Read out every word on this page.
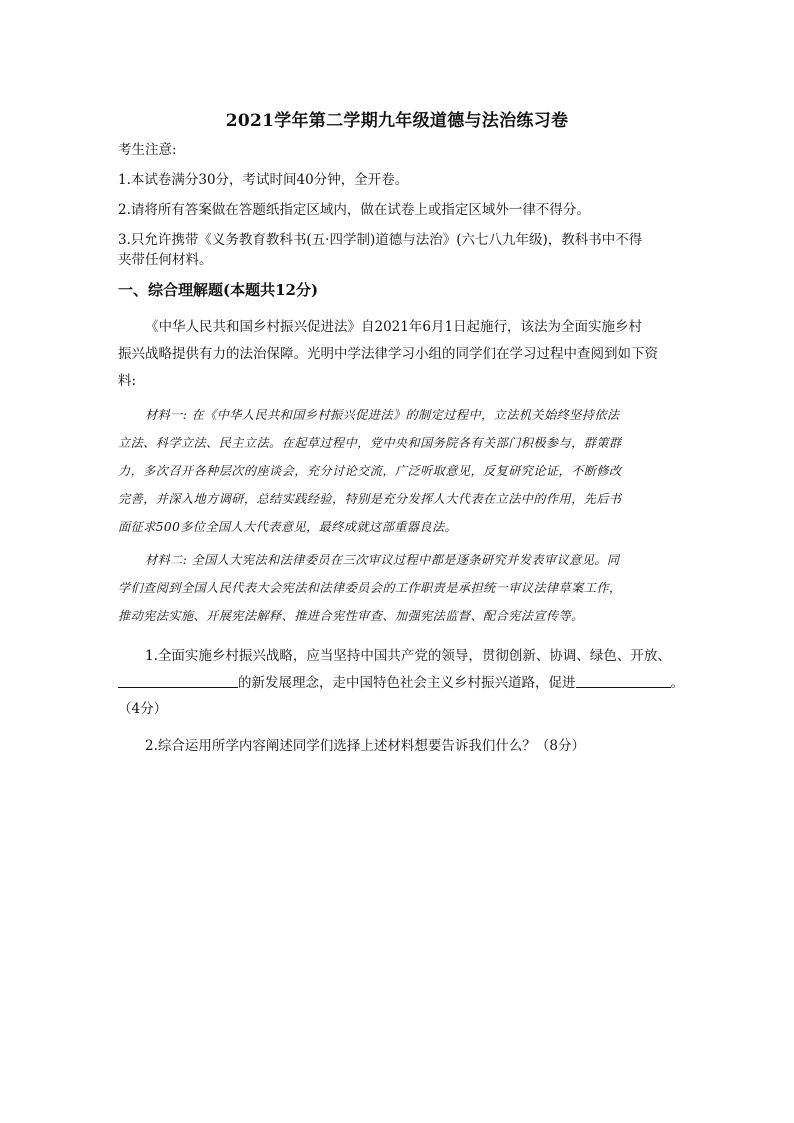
2021学年第二学期九年级道德与法治练习卷
考生注意:
1.本试卷满分30分，考试时间40分钟，全开卷。
2.请将所有答案做在答题纸指定区域内，做在试卷上或指定区域外一律不得分。
3.只允许携带《义务教育教科书(五·四学制)道德与法治》(六七八九年级)，教科书中不得
夹带任何材料。
一、综合理解题(本题共12分)
《中华人民共和国乡村振兴促进法》自2021年6月1日起施行，该法为全面实施乡村
振兴战略提供有力的法治保障。光明中学法律学习小组的同学们在学习过程中查阅到如下资
料:
材料一: 在《中华人民共和国乡村振兴促进法》的制定过程中，立法机关始终坚持依法
立法、科学立法、民主立法。在起草过程中，党中央和国务院各有关部门积极参与，群策群
力，多次召开各种层次的座谈会，充分讨论交流，广泛听取意见，反复研究论证，不断修改
完善，并深入地方调研，总结实践经验，特别是充分发挥人大代表在立法中的作用，先后书
面征求500多位全国人大代表意见，最终成就这部重器良法。
材料二: 全国人大宪法和法律委员在三次审议过程中都是逐条研究并发表审议意见。同
学们查阅到全国人民代表大会宪法和法律委员会的工作职责是承担统一审议法律草案工作，
推动宪法实施、开展宪法解释、推进合宪性审查、加强宪法监督、配合宪法宣传等。
1.全面实施乡村振兴战略，应当坚持中国共产党的领导，贯彻创新、协调、绿色、开放、
的新发展理念，走中国特色社会主义乡村振兴道路，促进	。
（4分）
2.综合运用所学内容阐述同学们选择上述材料想要告诉我们什么？（8分）
